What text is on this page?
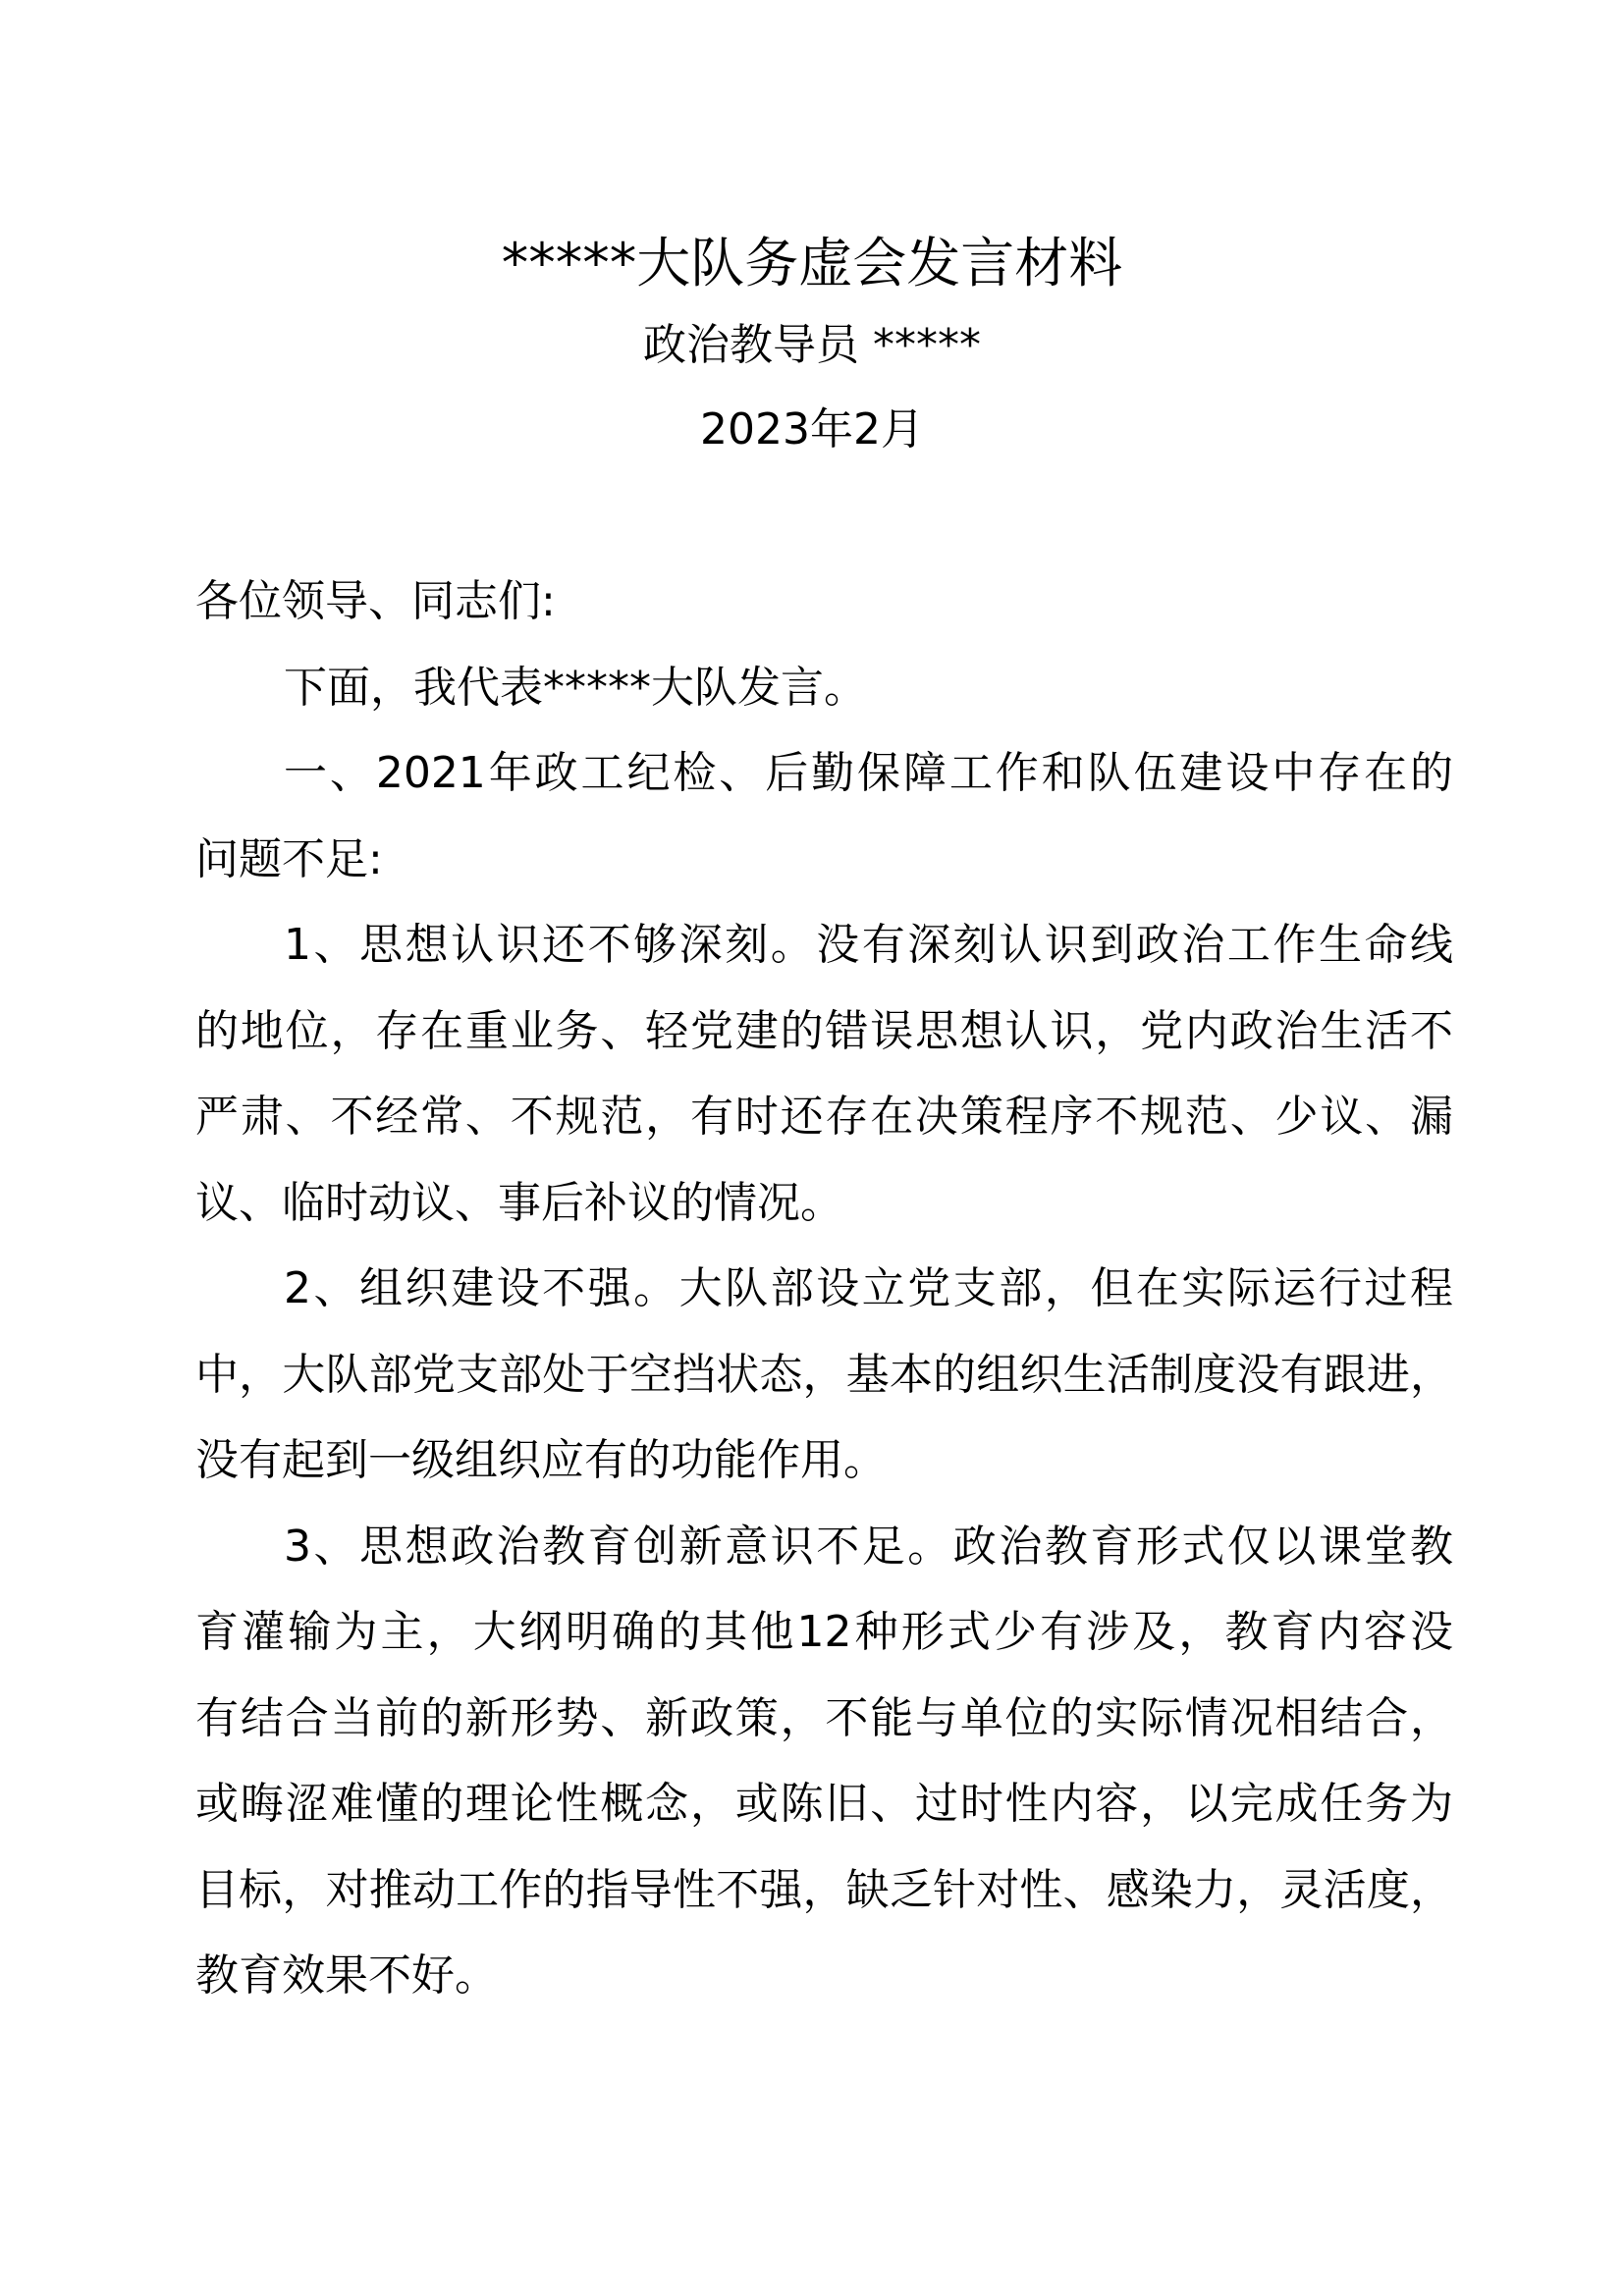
*****大队务虚会发言材料
政治教导员 *****
2023年2月
各位领导、同志们:
下面，我代表*****大队发言。
一、2021年政工纪检、后勤保障工作和队伍建设中存在的
问题不足:
1、思想认识还不够深刻。没有深刻认识到政治工作生命线
的地位，存在重业务、轻党建的错误思想认识，党内政治生活不
严肃、不经常、不规范，有时还存在决策程序不规范、少议、漏
议、临时动议、事后补议的情况。
2、组织建设不强。大队部设立党支部，但在实际运行过程
中，大队部党支部处于空挡状态，基本的组织生活制度没有跟进，
没有起到一级组织应有的功能作用。
3、思想政治教育创新意识不足。政治教育形式仅以课堂教
育灌输为主，大纲明确的其他12种形式少有涉及，教育内容没
有结合当前的新形势、新政策，不能与单位的实际情况相结合，
或晦涩难懂的理论性概念，或陈旧、过时性内容，以完成任务为
目标，对推动工作的指导性不强，缺乏针对性、感染力，灵活度，
教育效果不好。
